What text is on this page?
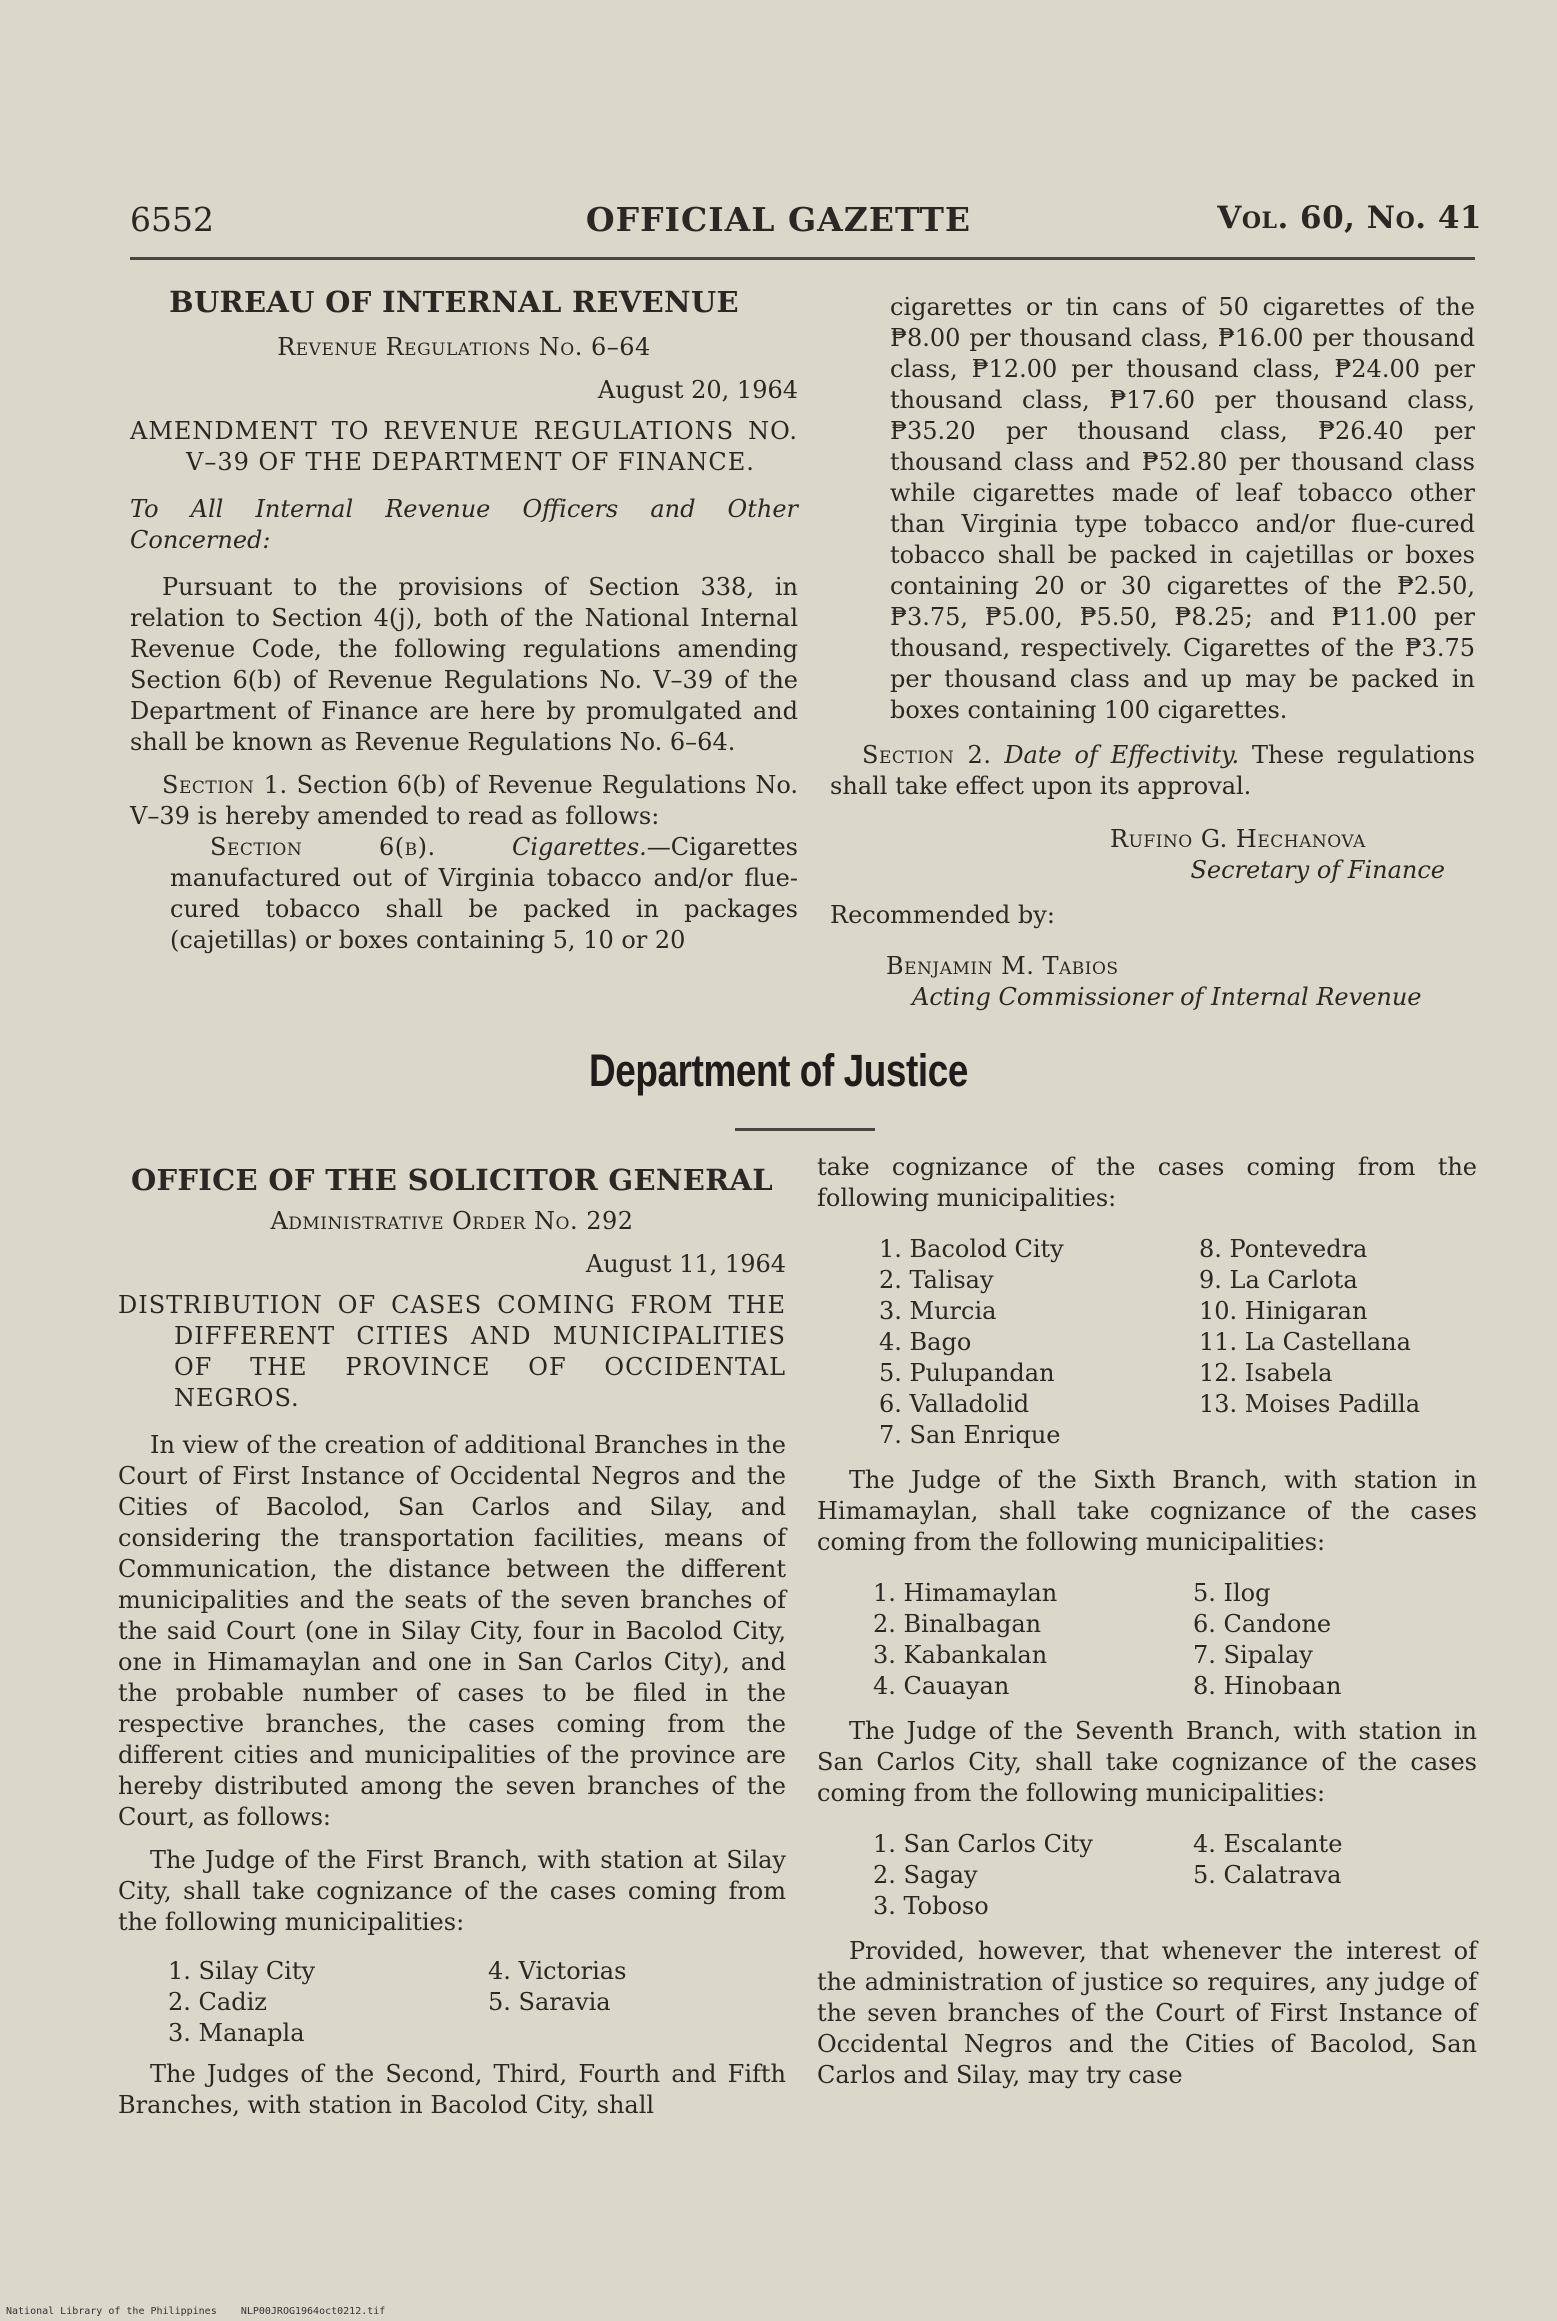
6552	OFFICIAL GAZETTE	Vol. 60, No. 41

BUREAU OF INTERNAL REVENUE

Revenue Regulations No. 6–64

August 20, 1964

AMENDMENT TO REVENUE REGULATIONS NO. V–39 OF THE DEPARTMENT OF FINANCE.

To All Internal Revenue Officers and Other Concerned:

Pursuant to the provisions of Section 338, in relation to Section 4(j), both of the National Internal Revenue Code, the following regulations amending Section 6(b) of Revenue Regulations No. V–39 of the Department of Finance are here by promulgated and shall be known as Revenue Regulations No. 6–64.

Section 1. Section 6(b) of Revenue Regulations No. V–39 is hereby amended to read as follows:

Section 6(b).	Cigarettes.—Cigarettes manufactured out of Virginia tobacco and/or flue-cured tobacco shall be packed in packages (cajetillas) or boxes containing 5, 10 or 20

cigarettes or tin cans of 50 cigarettes of the ₱8.00 per thousand class, ₱16.00 per thousand class, ₱12.00 per thousand class, ₱24.00 per thousand class, ₱17.60 per thousand class, ₱35.20 per thousand class, ₱26.40 per thousand class and ₱52.80 per thousand class while cigarettes made of leaf tobacco other than Virginia type tobacco and/or flue-cured tobacco shall be packed in cajetillas or boxes containing 20 or 30 cigarettes of the ₱2.50, ₱3.75, ₱5.00, ₱5.50, ₱8.25; and ₱11.00 per thousand, respectively. Cigarettes of the ₱3.75 per thousand class and up may be packed in boxes containing 100 cigarettes.

Section 2. Date of Effectivity. These regulations shall take effect upon its approval.

Rufino G. Hechanova

Secretary of Finance

Recommended by:

Benjamin M. Tabios

Acting Commissioner of Internal Revenue

Department of Justice

OFFICE OF THE SOLICITOR GENERAL

Administrative Order No. 292

August 11, 1964

DISTRIBUTION OF CASES COMING FROM THE DIFFERENT CITIES AND MUNICIPALITIES OF THE PROVINCE OF OCCIDENTAL NEGROS.

In view of the creation of additional Branches in the Court of First Instance of Occidental Negros and the Cities of Bacolod, San Carlos and Silay, and considering the transportation facilities, means of Communication, the distance between the different municipalities and the seats of the seven branches of the said Court (one in Silay City, four in Bacolod City, one in Himamaylan and one in San Carlos City), and the probable number of cases to be filed in the respective branches, the cases coming from the different cities and municipalities of the province are hereby distributed among the seven branches of the Court, as follows:

The Judge of the First Branch, with station at Silay City, shall take cognizance of the cases coming from the following municipalities:

1. Silay City
2. Cadiz
3. Manapla
4. Victorias
5. Saravia

The Judges of the Second, Third, Fourth and Fifth Branches, with station in Bacolod City, shall

take cognizance of the cases coming from the following municipalities:

1. Bacolod City
2. Talisay
3. Murcia
4. Bago
5. Pulupandan
6. Valladolid
7. San Enrique
8. Pontevedra
9. La Carlota
10. Hinigaran
11. La Castellana
12. Isabela
13. Moises Padilla

The Judge of the Sixth Branch, with station in Himamaylan, shall take cognizance of the cases coming from the following municipalities:

1. Himamaylan
2. Binalbagan
3. Kabankalan
4. Cauayan
5. Ilog
6. Candone
7. Sipalay
8. Hinobaan

The Judge of the Seventh Branch, with station in San Carlos City, shall take cognizance of the cases coming from the following municipalities:

1. San Carlos City
2. Sagay
3. Toboso
4. Escalante
5. Calatrava

Provided, however, that whenever the interest of the administration of justice so requires, any judge of the seven branches of the Court of First Instance of Occidental Negros and the Cities of Bacolod, San Carlos and Silay, may try case

National Library of the Philippines NLP00JROG1964oct0212.tif
